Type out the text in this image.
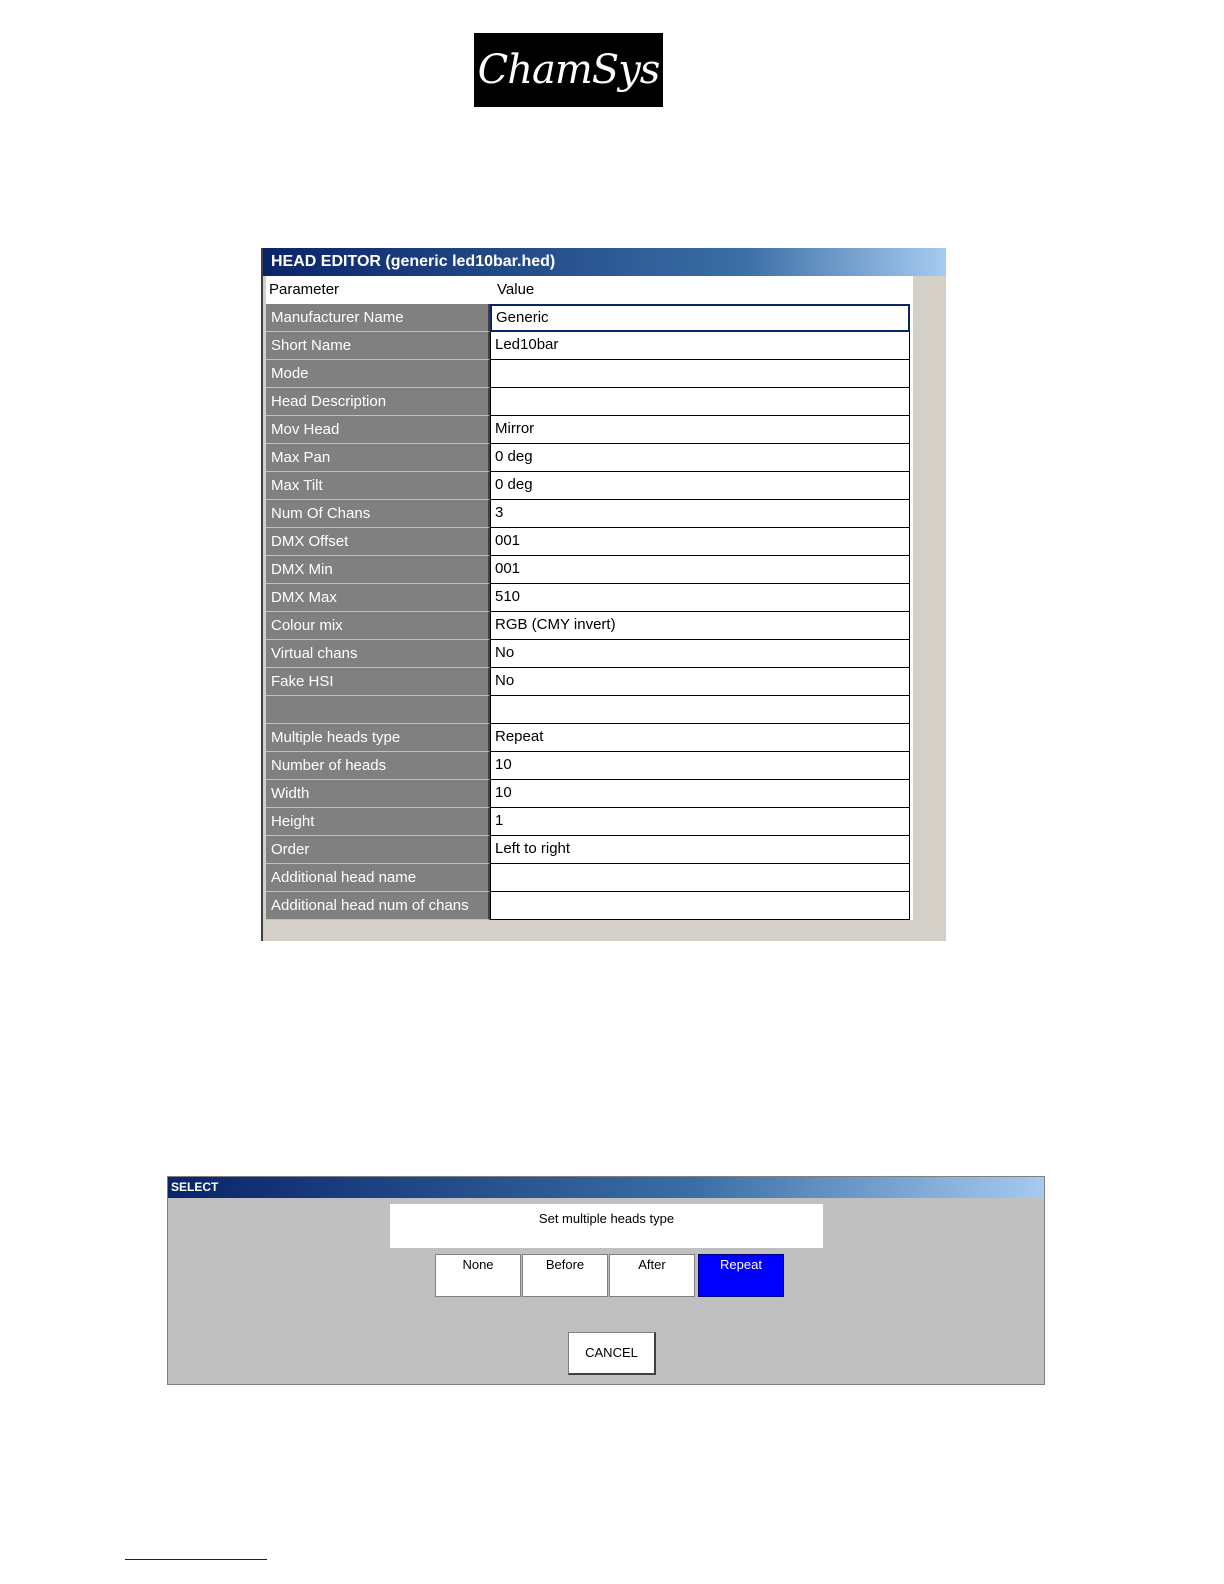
ChamSys
HEAD EDITOR (generic led10bar.hed)
Parameter	Value
Manufacturer Name	Generic
Short Name	Led10bar
Mode
Head Description
Mov Head	Mirror
Max Pan	0 deg
Max Tilt	0 deg
Num Of Chans	3
DMX Offset	001
DMX Min	001
DMX Max	510
Colour mix	RGB (CMY invert)
Virtual chans	No
Fake HSI	No
Multiple heads type	Repeat
Number of heads	10
Width	10
Height	1
Order	Left to right
Additional head name
Additional head num of chans
SELECT
Set multiple heads type
None	Before	After	Repeat
CANCEL
